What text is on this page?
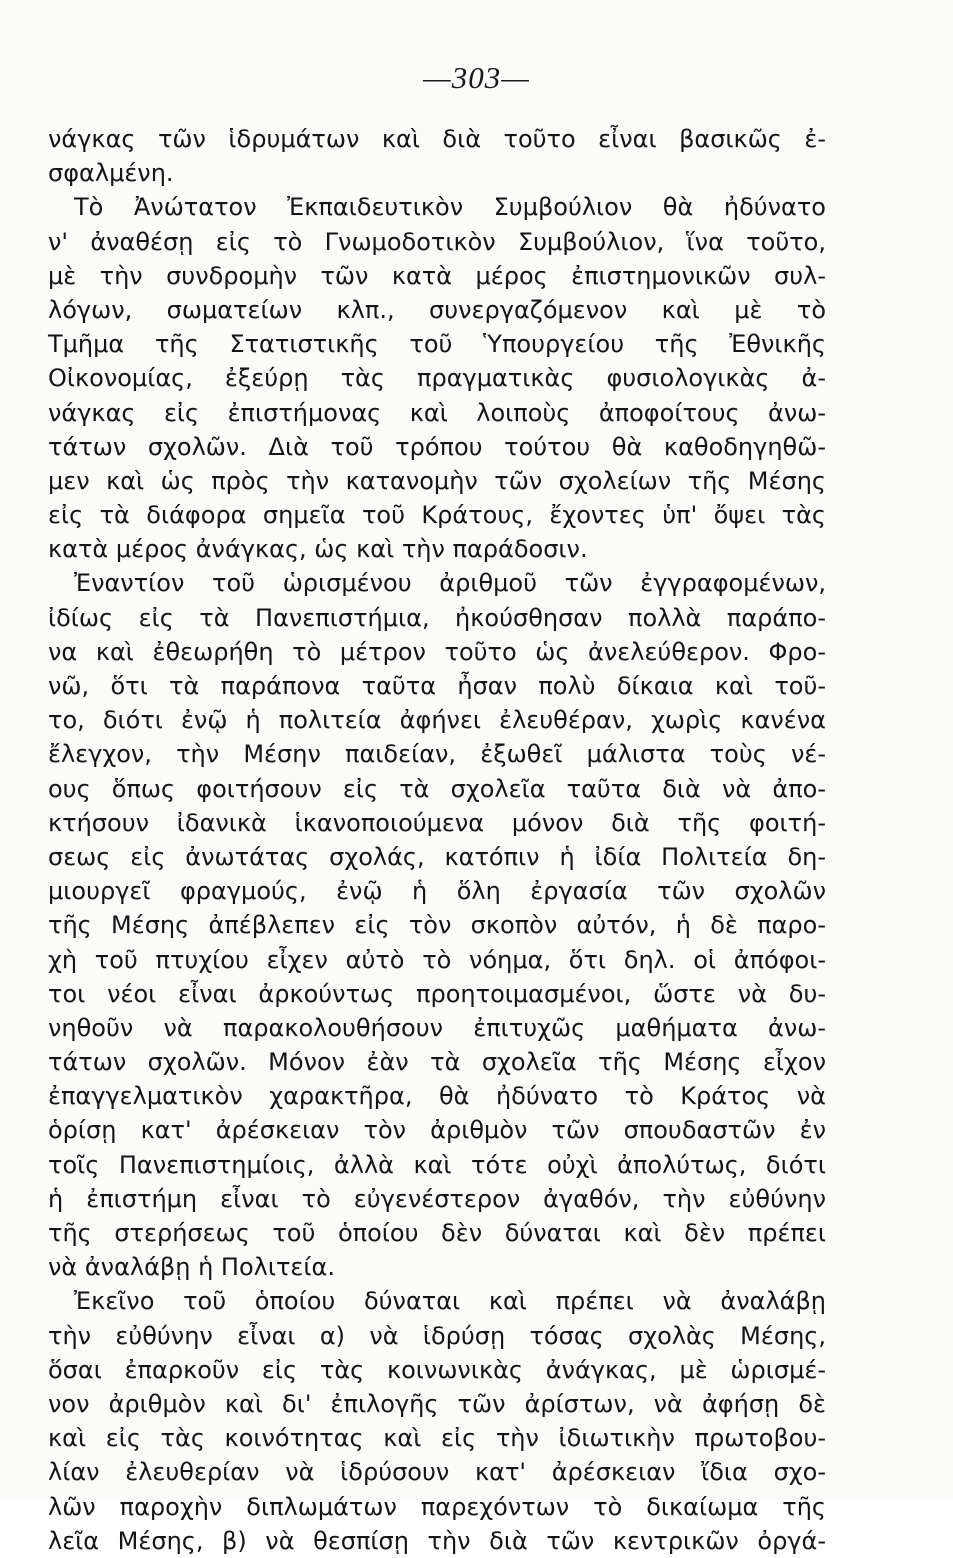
—303—
νάγκας τῶν ἱδρυμάτων καὶ διὰ τοῦτο εἶναι βασικῶς ἐ-
σφαλμένη.
Τὸ Ἀνώτατον Ἐκπαιδευτικὸν Συμβούλιον θὰ ἠδύνατο
ν' ἀναθέσῃ εἰς τὸ Γνωμοδοτικὸν Συμβούλιον, ἵνα τοῦτο,
μὲ τὴν συνδρομὴν τῶν κατὰ μέρος ἐπιστημονικῶν συλ-
λόγων, σωματείων κλπ., συνεργαζόμενον καὶ μὲ τὸ
Τμῆμα τῆς Στατιστικῆς τοῦ Ὑπουργείου τῆς Ἐθνικῆς
Οἰκονομίας, ἐξεύρῃ τὰς πραγματικὰς φυσιολογικὰς ἀ-
νάγκας εἰς ἐπιστήμονας καὶ λοιποὺς ἀποφοίτους ἀνω-
τάτων σχολῶν. Διὰ τοῦ τρόπου τούτου θὰ καθοδηγηθῶ-
μεν καὶ ὡς πρὸς τὴν κατανομὴν τῶν σχολείων τῆς Μέσης
εἰς τὰ διάφορα σημεῖα τοῦ Κράτους, ἔχοντες ὑπ' ὄψει τὰς
κατὰ μέρος ἀνάγκας, ὡς καὶ τὴν παράδοσιν.
Ἐναντίον τοῦ ὡρισμένου ἀριθμοῦ τῶν ἐγγραφομένων,
ἰδίως εἰς τὰ Πανεπιστήμια, ἠκούσθησαν πολλὰ παράπο-
να καὶ ἐθεωρήθη τὸ μέτρον τοῦτο ὡς ἀνελεύθερον. Φρο-
νῶ, ὅτι τὰ παράπονα ταῦτα ἦσαν πολὺ δίκαια καὶ τοῦ-
το, διότι ἐνῷ ἡ πολιτεία ἀφήνει ἐλευθέραν, χωρὶς κανένα
ἔλεγχον, τὴν Μέσην παιδείαν, ἐξωθεῖ μάλιστα τοὺς νέ-
ους ὅπως φοιτήσουν εἰς τὰ σχολεῖα ταῦτα διὰ νὰ ἀπο-
κτήσουν ἰδανικὰ ἱκανοποιούμενα μόνον διὰ τῆς φοιτή-
σεως εἰς ἀνωτάτας σχολάς, κατόπιν ἡ ἰδία Πολιτεία δη-
μιουργεῖ φραγμούς, ἐνῷ ἡ ὅλη ἐργασία τῶν σχολῶν
τῆς Μέσης ἀπέβλεπεν εἰς τὸν σκοπὸν αὐτόν, ἡ δὲ παρο-
χὴ τοῦ πτυχίου εἶχεν αὐτὸ τὸ νόημα, ὅτι δηλ. οἱ ἀπόφοι-
τοι νέοι εἶναι ἀρκούντως προητοιμασμένοι, ὥστε νὰ δυ-
νηθοῦν νὰ παρακολουθήσουν ἐπιτυχῶς μαθήματα ἀνω-
τάτων σχολῶν. Μόνον ἐὰν τὰ σχολεῖα τῆς Μέσης εἶχον
ἐπαγγελματικὸν χαρακτῆρα, θὰ ἠδύνατο τὸ Κράτος νὰ
ὁρίσῃ κατ' ἀρέσκειαν τὸν ἀριθμὸν τῶν σπουδαστῶν ἐν
τοῖς Πανεπιστημίοις, ἀλλὰ καὶ τότε οὐχὶ ἀπολύτως, διότι
ἡ ἐπιστήμη εἶναι τὸ εὐγενέστερον ἀγαθόν, τὴν εὐθύνην
τῆς στερήσεως τοῦ ὁποίου δὲν δύναται καὶ δὲν πρέπει
νὰ ἀναλάβῃ ἡ Πολιτεία.
Ἐκεῖνο τοῦ ὁποίου δύναται καὶ πρέπει νὰ ἀναλάβῃ
τὴν εὐθύνην εἶναι α) νὰ ἱδρύσῃ τόσας σχολὰς Μέσης,
ὅσαι ἐπαρκοῦν εἰς τὰς κοινωνικὰς ἀνάγκας, μὲ ὡρισμέ-
νον ἀριθμὸν καὶ δι' ἐπιλογῆς τῶν ἀρίστων, νὰ ἀφήσῃ δὲ
καὶ εἰς τὰς κοινότητας καὶ εἰς τὴν ἰδιωτικὴν πρωτοβου-
λίαν ἐλευθερίαν νὰ ἱδρύσουν κατ' ἀρέσκειαν ἴδια σχο-
λῶν παροχὴν διπλωμάτων παρεχόντων τὸ δικαίωμα τῆς
λεῖα Μέσης, β) νὰ θεσπίσῃ τὴν διὰ τῶν κεντρικῶν ὀργά-
